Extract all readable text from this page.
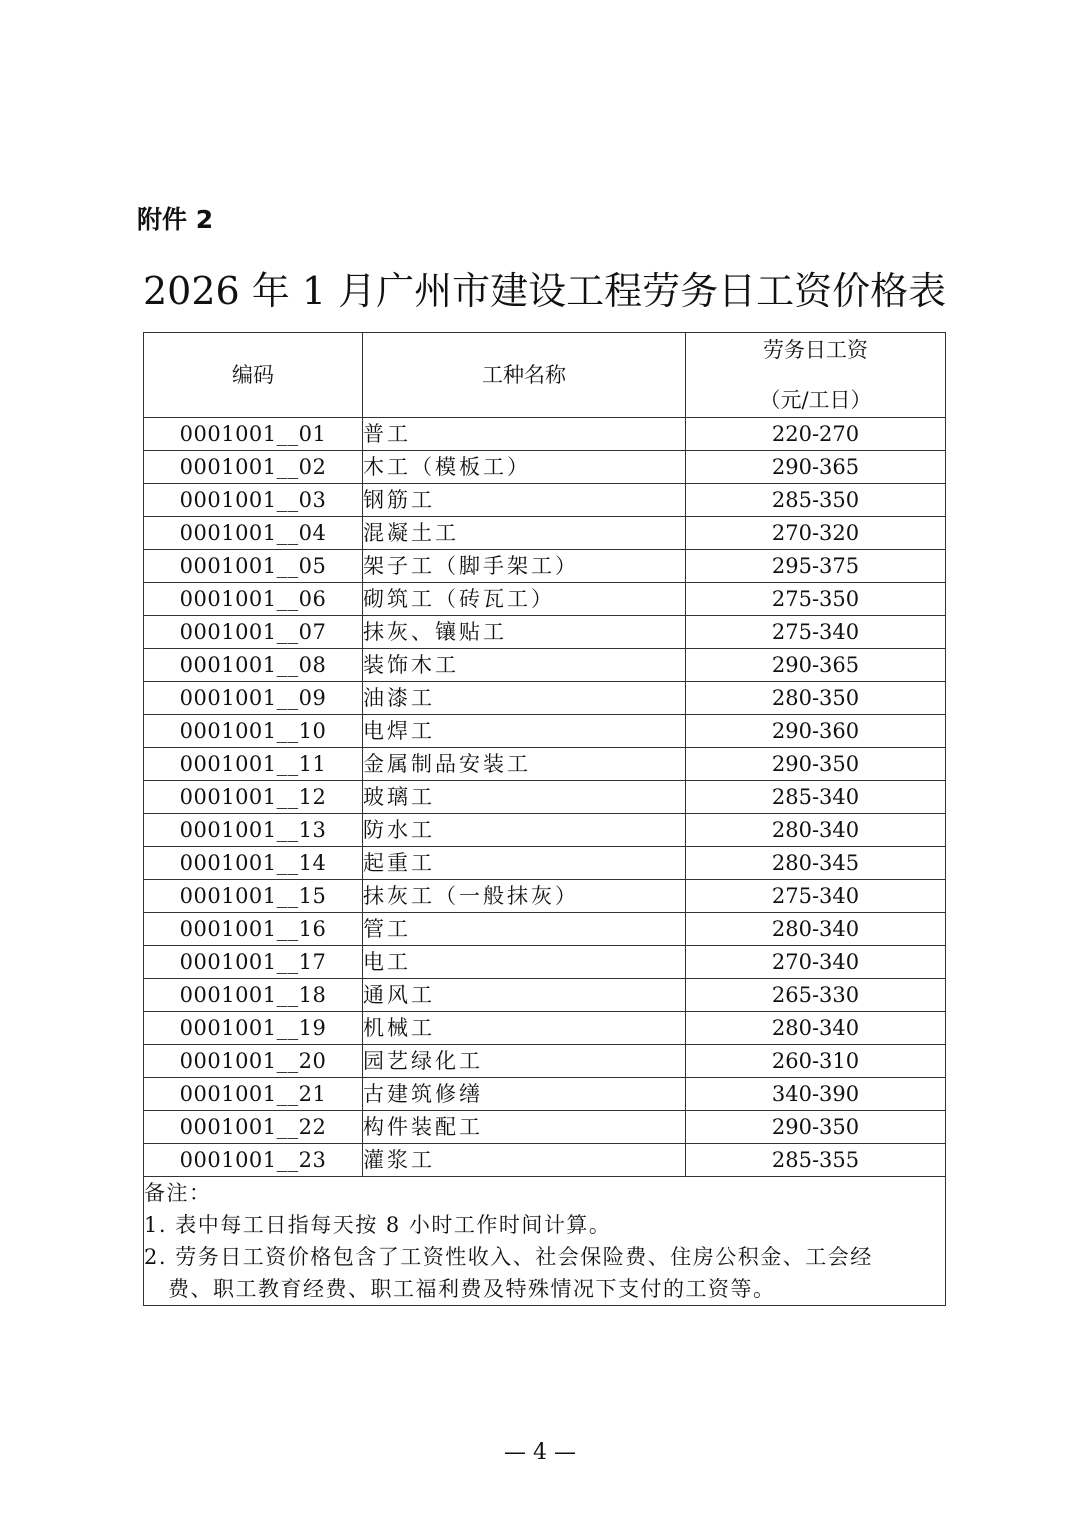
附件 2
2026 年 1 月广州市建设工程劳务日工资价格表
编码	工种名称	劳务日工资
（元/工日）

0001001__01	普工	220-270
0001001__02	木工（模板工）	290-365
0001001__03	钢筋工	285-350
0001001__04	混凝土工	270-320
0001001__05	架子工（脚手架工）	295-375
0001001__06	砌筑工（砖瓦工）	275-350
0001001__07	抹灰、镶贴工	275-340
0001001__08	装饰木工	290-365
0001001__09	油漆工	280-350
0001001__10	电焊工	290-360
0001001__11	金属制品安装工	290-350
0001001__12	玻璃工	285-340
0001001__13	防水工	280-340
0001001__14	起重工	280-345
0001001__15	抹灰工（一般抹灰）	275-340
0001001__16	管工	280-340
0001001__17	电工	270-340
0001001__18	通风工	265-330
0001001__19	机械工	280-340
0001001__20	园艺绿化工	260-310
0001001__21	古建筑修缮	340-390
0001001__22	构件装配工	290-350
0001001__23	灌浆工	285-355

备注：
1. 表中每工日指每天按 8 小时工作时间计算。
2. 劳务日工资价格包含了工资性收入、社会保险费、住房公积金、工会经
费、职工教育经费、职工福利费及特殊情况下支付的工资等。		
— 4 —
